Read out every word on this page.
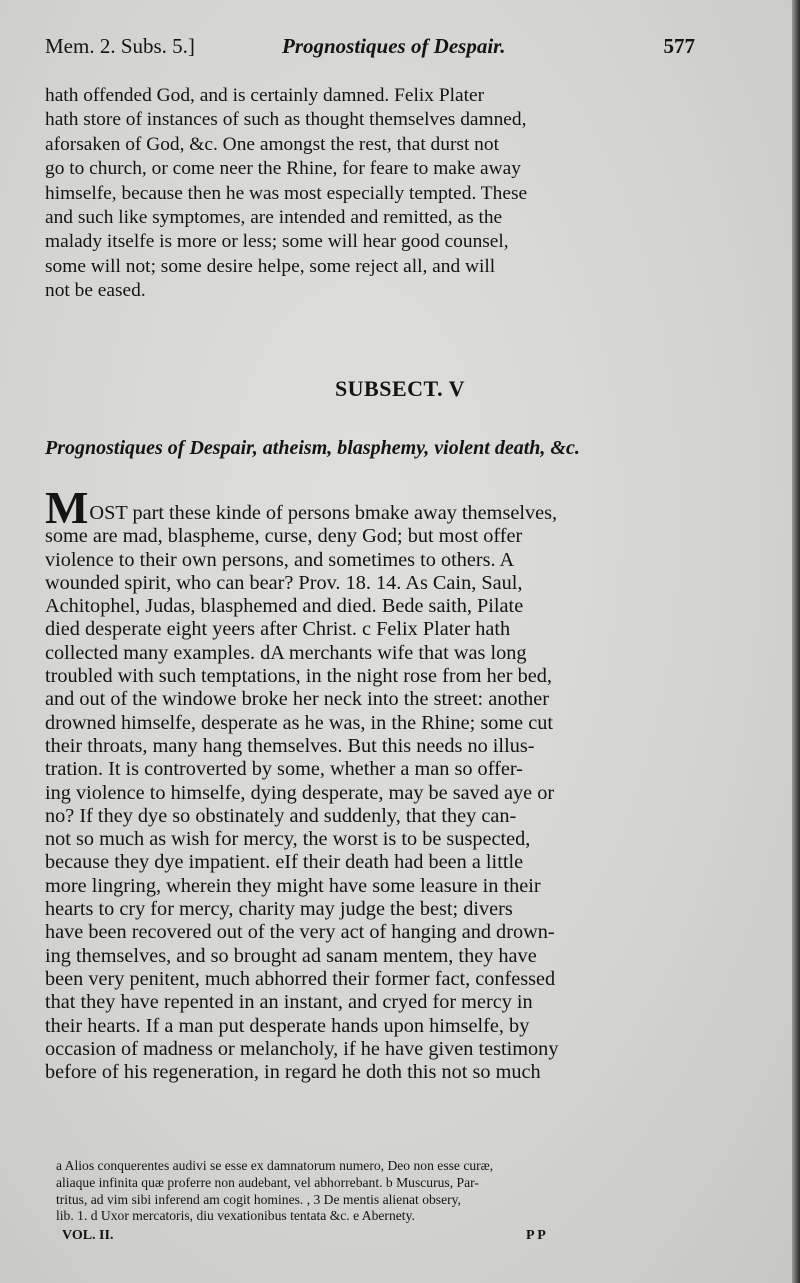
Mem. 2. Subs. 5.]	Prognostiques of Despair.	577
hath offended God, and is certainly damned. Felix Plater
hath store of instances of such as thought themselves damned,
aforsaken of God, &c. One amongst the rest, that durst not
go to church, or come neer the Rhine, for feare to make away
himselfe, because then he was most especially tempted. These
and such like symptomes, are intended and remitted, as the
malady itselfe is more or less; some will hear good counsel,
some will not; some desire helpe, some reject all, and will
not be eased.
SUBSECT. V
Prognostiques of Despair, atheism, blasphemy, violent death, &c.
MOST part these kinde of persons bmake away themselves,
some are mad, blaspheme, curse, deny God; but most offer
violence to their own persons, and sometimes to others. A
wounded spirit, who can bear? Prov. 18. 14. As Cain, Saul,
Achitophel, Judas, blasphemed and died. Bede saith, Pilate
died desperate eight yeers after Christ. c Felix Plater hath
collected many examples. dA merchants wife that was long
troubled with such temptations, in the night rose from her bed,
and out of the windowe broke her neck into the street: another
drowned himselfe, desperate as he was, in the Rhine; some cut
their throats, many hang themselves. But this needs no illus-
tration. It is controverted by some, whether a man so offer-
ing violence to himselfe, dying desperate, may be saved aye or
no? If they dye so obstinately and suddenly, that they can-
not so much as wish for mercy, the worst is to be suspected,
because they dye impatient. eIf their death had been a little
more lingring, wherein they might have some leasure in their
hearts to cry for mercy, charity may judge the best; divers
have been recovered out of the very act of hanging and drown-
ing themselves, and so brought ad sanam mentem, they have
been very penitent, much abhorred their former fact, confessed
that they have repented in an instant, and cryed for mercy in
their hearts. If a man put desperate hands upon himselfe, by
occasion of madness or melancholy, if he have given testimony
before of his regeneration, in regard he doth this not so much
a Alios conquerentes audivi se esse ex damnatorum numero, Deo non esse curæ,
aliaque infinita quæ proferre non audebant, vel abhorrebant. b Muscurus, Par-
tritus, ad vim sibi inferend am cogit homines. , 3 De mentis alienat obsery,
lib. 1. d Uxor mercatoris, diu vexationibus tentata &c. e Abernety.
VOL. II.	P P
